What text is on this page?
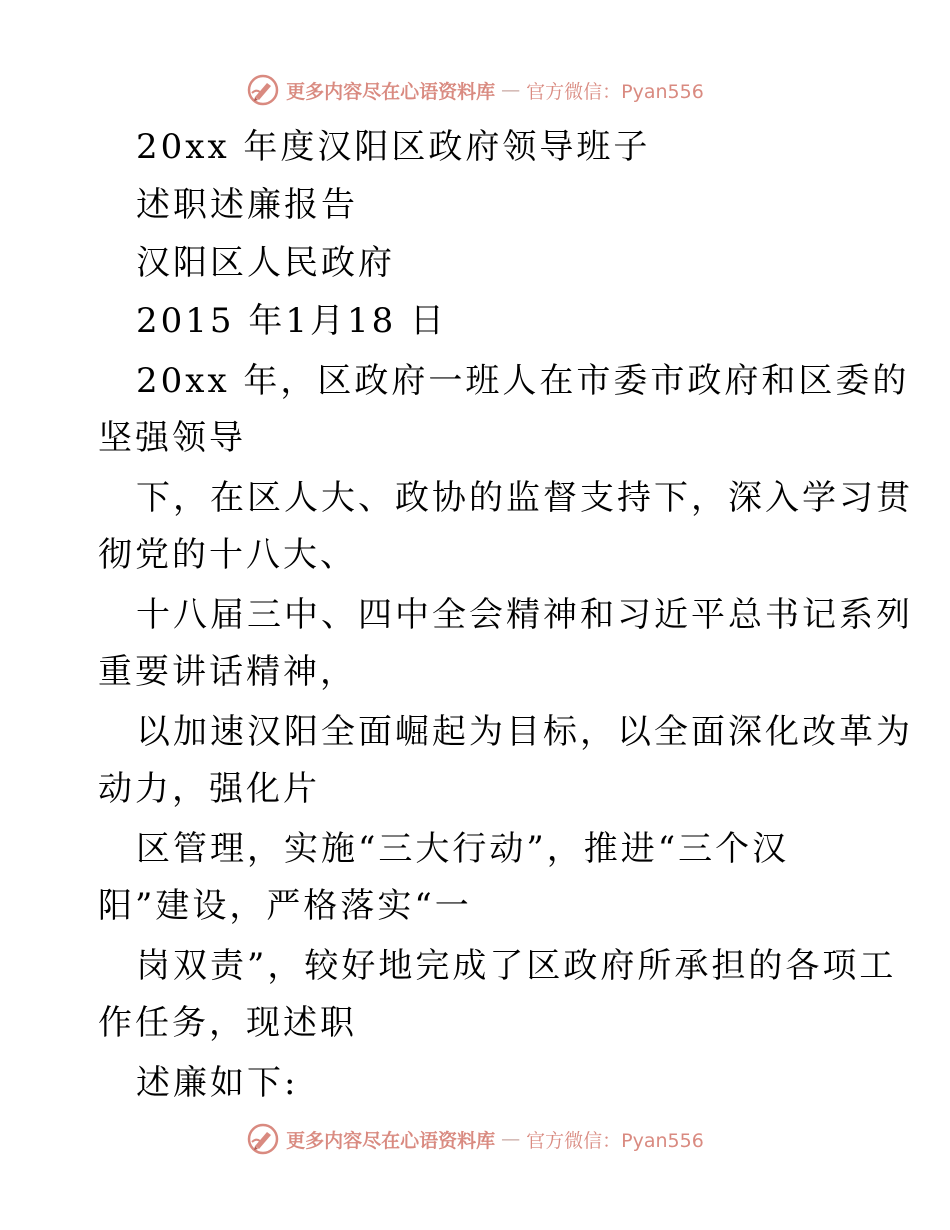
更多内容尽在心语资料库 — 官方微信：Pyan556
20xx 年度汉阳区政府领导班子
述职述廉报告
汉阳区人民政府
2015 年1月18 日
20xx 年，区政府一班人在市委市政府和区委的
坚强领导
下，在区人大、政协的监督支持下，深入学习贯
彻党的十八大、
十八届三中、四中全会精神和习近平总书记系列
重要讲话精神，
以加速汉阳全面崛起为目标，以全面深化改革为
动力，强化片
区管理，实施“三大行动”，推进“三个汉
阳”建设，严格落实“一
岗双责”，较好地完成了区政府所承担的各项工
作任务，现述职
述廉如下:
更多内容尽在心语资料库 — 官方微信：Pyan556
